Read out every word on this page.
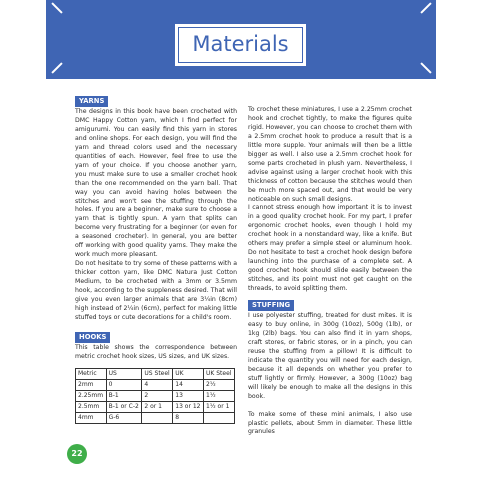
Materials
YARNS

The designs in this book have been crocheted with DMC Happy Cotton yarn, which I find perfect for amigurumi. You can easily find this yarn in stores and online shops. For each design, you will find the yarn and thread colors used and the necessary quantities of each. However, feel free to use the yarn of your choice. If you choose another yarn, you must make sure to use a smaller crochet hook than the one recommended on the yarn ball. That way you can avoid having holes between the stitches and won't see the stuffing through the holes. If you are a beginner, make sure to choose a yarn that is tightly spun. A yarn that splits can become very frustrating for a beginner (or even for a seasoned crocheter). In general, you are better off working with good quality yarns. They make the work much more pleasant.

Do not hesitate to try some of these patterns with a thicker cotton yarn, like DMC Natura Just Cotton Medium, to be crocheted with a 3mm or 3.5mm hook, according to the suppleness desired. That will give you even larger animals that are 3¼in (8cm) high instead of 2¼in (6cm), perfect for making little stuffed toys or cute decorations for a child's room.

HOOKS

This table shows the correspondence between metric crochet hook sizes, US sizes, and UK sizes.

Metric	US	US Steel	UK	UK Steel
2mm	0	4	14	2½
2.25mm	B-1	2	13	1½
2.5mm	B-1 or C-2	2 or 1	13 or 12	1½ or 1
4mm	G-6		8	

To crochet these miniatures, I use a 2.25mm crochet hook and crochet tightly, to make the figures quite rigid. However, you can choose to crochet them with a 2.5mm crochet hook to produce a result that is a little more supple. Your animals will then be a little bigger as well. I also use a 2.5mm crochet hook for some parts crocheted in plush yarn. Nevertheless, I advise against using a larger crochet hook with this thickness of cotton because the stitches would then be much more spaced out, and that would be very noticeable on such small designs.

I cannot stress enough how important it is to invest in a good quality crochet hook. For my part, I prefer ergonomic crochet hooks, even though I hold my crochet hook in a nonstandard way, like a knife. But others may prefer a simple steel or aluminum hook. Do not hesitate to test a crochet hook design before launching into the purchase of a complete set. A good crochet hook should slide easily between the stitches, and its point must not get caught on the threads, to avoid splitting them.

STUFFING

I use polyester stuffing, treated for dust mites. It is easy to buy online, in 300g (10oz), 500g (1lb), or 1kg (2lb) bags. You can also find it in yarn shops, craft stores, or fabric stores, or in a pinch, you can reuse the stuffing from a pillow! It is difficult to indicate the quantity you will need for each design, because it all depends on whether you prefer to stuff lightly or firmly. However, a 300g (10oz) bag will likely be enough to make all the designs in this book.

To make some of these mini animals, I also use plastic pellets, about 5mm in diameter. These little granules

22
